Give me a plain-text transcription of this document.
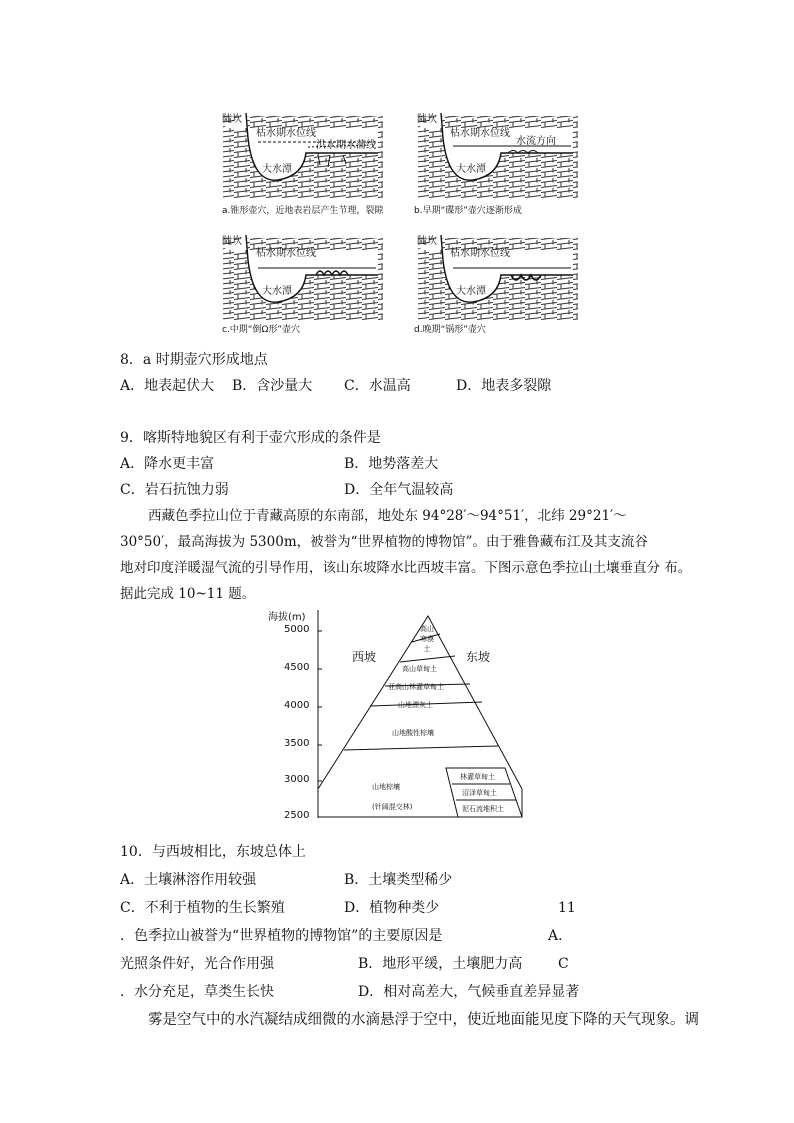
陡坎
枯水期水位线
洪水期水蒲线
大水潭
a.锥形壶穴，近地表岩层产生节理，裂隙
陡坎
枯水期水位线
水流方向
大水潭
b.早期“碟形”壶穴逐渐形成
陡坎
枯水期水位线
大水潭
c.中期“倒Ω形”壶穴
陡坎
枯水期水位线
大水潭
d.晚期“锅形”壶穴
8．a 时期壶穴形成地点
A．地表起伏大 B．含沙量大 C．水温高	D．地表多裂隙
9．喀斯特地貌区有利于壶穴形成的条件是
A．降水更丰富	B．地势落差大
C．岩石抗蚀力弱	D．全年气温较高
西藏色季拉山位于青藏高原的东南部，地处东 94°28′～94°51′，北纬 29°21′～
30°50′，最高海拔为 5300m，被誉为“世界植物的博物馆”。由于雅鲁藏布江及其支流谷
地对印度洋暖湿气流的引导作用，该山东坡降水比西坡丰富。下图示意色季拉山土壤垂直分 布。
据此完成 10~11 题。
海拔(m)
5000
4500
4000
3500
3000
2500
西坡	东坡
高山寒漠土
高山草甸土
亚高山林灌草甸土
山地漂灰土
山地酸性棕壤
山地棕壤
(针阔混交林)
林灌草甸土
沼泽草甸土
泥石流堆积土
10．与西坡相比，东坡总体上
A．土壤淋溶作用较强	B．土壤类型稀少
C．不利于植物的生长繁殖	D．植物种类少	11
．色季拉山被誉为“世界植物的博物馆”的主要原因是	A．
光照条件好，光合作用强	B．地形平缓，土壤肥力高	C
．水分充足，草类生长快	D．相对高差大，气候垂直差异显著
雾是空气中的水汽凝结成细微的水滴悬浮于空中，使近地面能见度下降的天气现象。调
